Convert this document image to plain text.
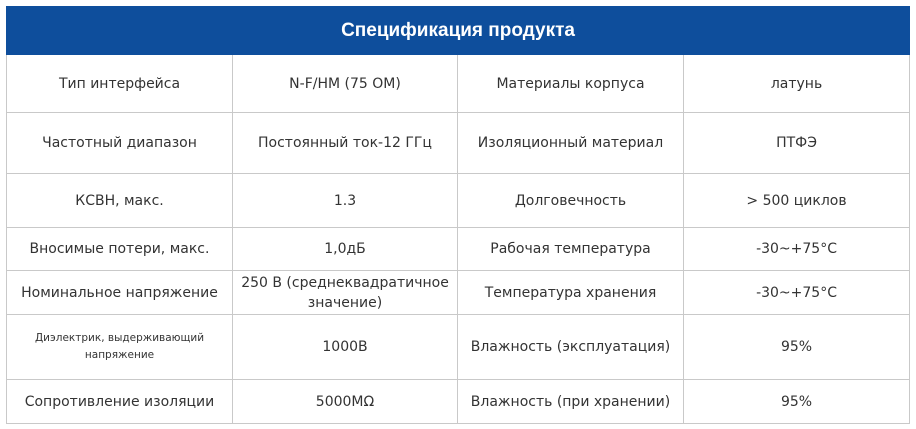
Спецификация продукта			
Тип интерфейса	N-F/HM (75 OM)	Материалы корпуса	латунь
Частотный диапазон	Постоянный ток-12 ГГц	Изоляционный материал	ПТФЭ
КСВН, макс.	1.3	Долговечность	> 500 циклов
Вносимые потери, макс.	1,0дБ	Рабочая температура	-30~+75°C
Номинальное напряжение	250 В (среднеквадратичное значение)	Температура хранения	-30~+75°C
Диэлектрик, выдерживающий напряжение	1000В	Влажность (эксплуатация)	95%
Сопротивление изоляции	5000MΩ	Влажность (при хранении)	95%
